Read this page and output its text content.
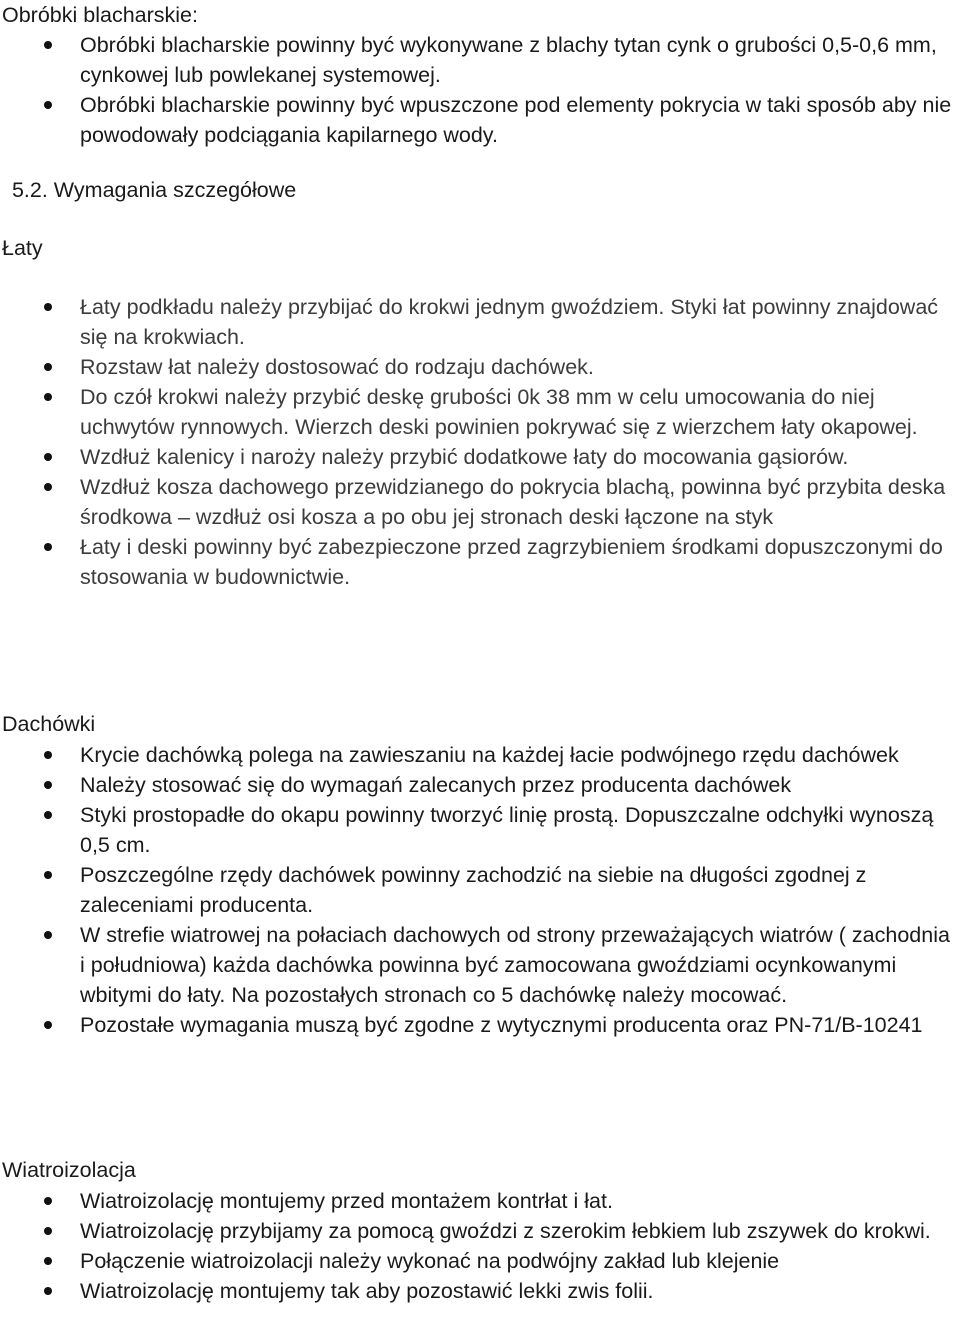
Obróbki blacharskie:
Obróbki blacharskie powinny być wykonywane z blachy tytan cynk o grubości 0,5-0,6 mm, cynkowej lub powlekanej systemowej.
Obróbki blacharskie powinny być wpuszczone pod elementy pokrycia w taki sposób aby nie powodowały podciągania kapilarnego wody.
5.2. Wymagania szczegółowe
Łaty
Łaty podkładu należy przybijać do krokwi jednym gwoździem. Styki łat powinny znajdować się na krokwiach.
Rozstaw łat należy dostosować do rodzaju dachówek.
Do czół krokwi należy przybić deskę grubości 0k 38 mm w celu umocowania do niej uchwytów rynnowych. Wierzch deski powinien pokrywać się z wierzchem łaty okapowej.
Wzdłuż kalenicy i naroży należy przybić dodatkowe łaty do mocowania gąsiorów.
Wzdłuż kosza dachowego przewidzianego do pokrycia blachą, powinna być przybita deska środkowa – wzdłuż osi kosza a po obu jej stronach deski łączone na styk
Łaty i deski powinny być zabezpieczone przed zagrzybieniem środkami dopuszczonymi do stosowania w budownictwie.
Dachówki
Krycie dachówką polega na zawieszaniu na każdej łacie podwójnego rzędu dachówek
Należy stosować się do wymagań zalecanych przez producenta dachówek
Styki prostopadłe do okapu powinny tworzyć linię prostą. Dopuszczalne odchyłki wynoszą 0,5 cm.
Poszczególne rzędy dachówek powinny zachodzić na siebie na długości zgodnej z zaleceniami producenta.
W strefie wiatrowej na połaciach dachowych od strony przeważających wiatrów ( zachodnia i południowa) każda dachówka powinna być zamocowana gwoździami ocynkowanymi wbitymi do łaty. Na pozostałych stronach co 5 dachówkę należy mocować.
Pozostałe wymagania muszą być zgodne z wytycznymi producenta oraz PN-71/B-10241
Wiatroizolacja
Wiatroizolację montujemy przed montażem kontrłat i łat.
Wiatroizolację przybijamy za pomocą gwoździ z szerokim łebkiem lub zszywek do krokwi.
Połączenie wiatroizolacji należy wykonać na podwójny zakład lub klejenie
Wiatroizolację montujemy tak aby pozostawić lekki zwis folii.
